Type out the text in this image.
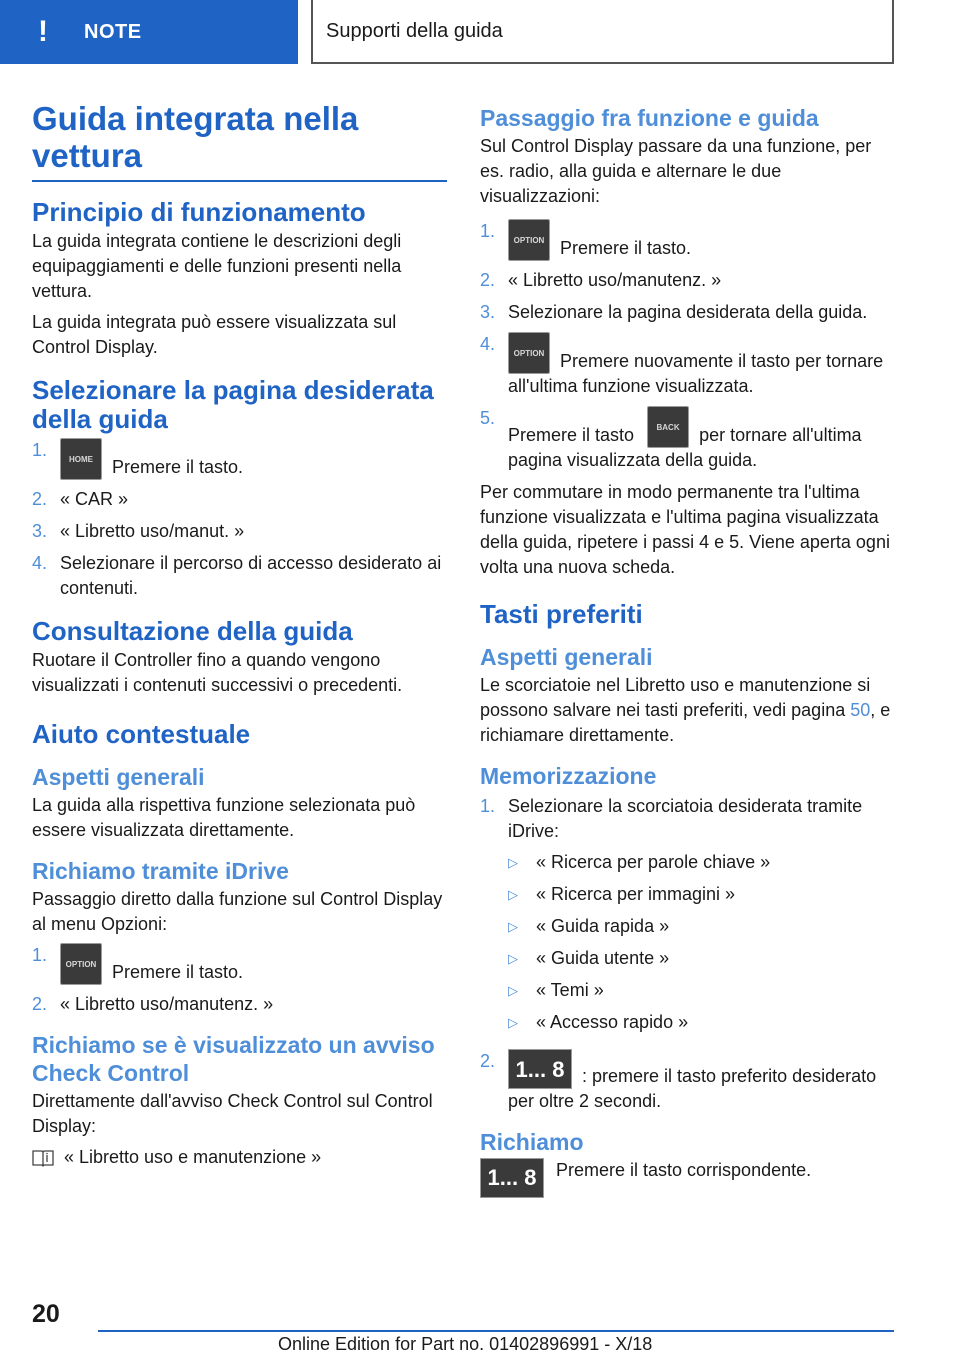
!	NOTE	Supporti della guida
Guida integrata nella vettura
Principio di funzionamento

La guida integrata contiene le descrizioni degli equipaggiamenti e delle funzioni presenti nella vettura.

La guida integrata può essere visualizzata sul Control Display.

Selezionare la pagina desiderata della guida
1.	HOME Premere il tasto.
2. « CAR »
3. « Libretto uso/manut. »
4. Selezionare il percorso di accesso desiderato ai contenuti.
Consultazione della guida

Ruotare il Controller fino a quando vengono visualizzati i contenuti successivi o precedenti.

Aiuto contestuale
Aspetti generali

La guida alla rispettiva funzione selezionata può essere visualizzata direttamente.

Richiamo tramite iDrive

Passaggio diretto dalla funzione sul Control Display al menu Opzioni:

1.	OPTION Premere il tasto.
2. « Libretto uso/manutenz. »
Richiamo se è visualizzato un avviso Check Control

Direttamente dall'avviso Check Control sul Control Display:

« Libretto uso e manutenzione »

Passaggio fra funzione e guida

Sul Control Display passare da una funzione, per es. radio, alla guida e alternare le due visualizzazioni:

1.	OPTION Premere il tasto.
2. « Libretto uso/manutenz. »
3. Selezionare la pagina desiderata della guida.
4.	OPTION Premere nuovamente il tasto per tornare all'ultima funzione visualizzata.
5.
Premere il tasto	BACK per tornare all'ultima pagina visualizzata della guida.

Per commutare in modo permanente tra l'ultima funzione visualizzata e l'ultima pagina visualizzata della guida, ripetere i passi 4 e 5. Viene aperta ogni volta una nuova scheda.

Tasti preferiti
Aspetti generali

Le scorciatoie nel Libretto uso e manutenzione si possono salvare nei tasti preferiti, vedi pagina 50, e richiamare direttamente.

Memorizzazione
1. Selezionare la scorciatoia desiderata tramite iDrive:
▷	« Ricerca per parole chiave »
▷	« Ricerca per immagini »
▷	« Guida rapida »
▷	« Guida utente »
▷	« Temi »
▷	« Accesso rapido »
2. 1... 8 : premere il tasto preferito desiderato per oltre 2 secondi.
Richiamo
1... 8	Premere il tasto corrispondente.

20
Online Edition for Part no. 01402896991 - X/18
